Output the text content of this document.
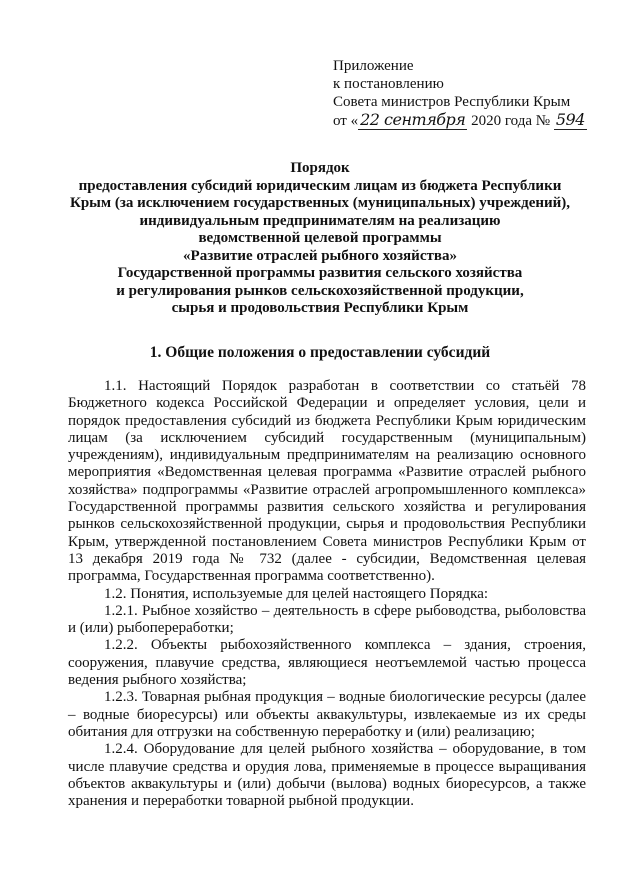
Приложение
к постановлению
Совета министров Республики Крым
от « 22 сентября 2020 года № 594
Порядок
предоставления субсидий юридическим лицам из бюджета Республики
Крым (за исключением государственных (муниципальных) учреждений),
индивидуальным предпринимателям на реализацию
ведомственной целевой программы
«Развитие отраслей рыбного хозяйства»
Государственной программы развития сельского хозяйства
и регулирования рынков сельскохозяйственной продукции,
сырья и продовольствия Республики Крым
1. Общие положения о предоставлении субсидий

1.1. Настоящий Порядок разработан в соответствии со статьёй 78 Бюджетного кодекса Российской Федерации и определяет условия, цели и порядок предоставления субсидий из бюджета Республики Крым юридическим лицам (за исключением субсидий государственным (муниципальным) учреждениям), индивидуальным предпринимателям на реализацию основного мероприятия «Ведомственная целевая программа «Развитие отраслей рыбного хозяйства» подпрограммы «Развитие отраслей агропромышленного комплекса» Государственной программы развития сельского хозяйства и регулирования рынков сельскохозяйственной продукции, сырья и продовольствия Республики Крым, утвержденной постановлением Совета министров Республики Крым от 13 декабря 2019 года № 732 (далее - субсидии, Ведомственная целевая программа, Государственная программа соответственно).

1.2. Понятия, используемые для целей настоящего Порядка:

1.2.1. Рыбное хозяйство – деятельность в сфере рыбоводства, рыболовства и (или) рыбопереработки;

1.2.2. Объекты рыбохозяйственного комплекса – здания, строения, сооружения, плавучие средства, являющиеся неотъемлемой частью процесса ведения рыбного хозяйства;

1.2.3. Товарная рыбная продукция – водные биологические ресурсы (далее – водные биоресурсы) или объекты аквакультуры, извлекаемые из их среды обитания для отгрузки на собственную переработку и (или) реализацию;

1.2.4. Оборудование для целей рыбного хозяйства – оборудование, в том числе плавучие средства и орудия лова, применяемые в процессе выращивания объектов аквакультуры и (или) добычи (вылова) водных биоресурсов, а также хранения и переработки товарной рыбной продукции.
